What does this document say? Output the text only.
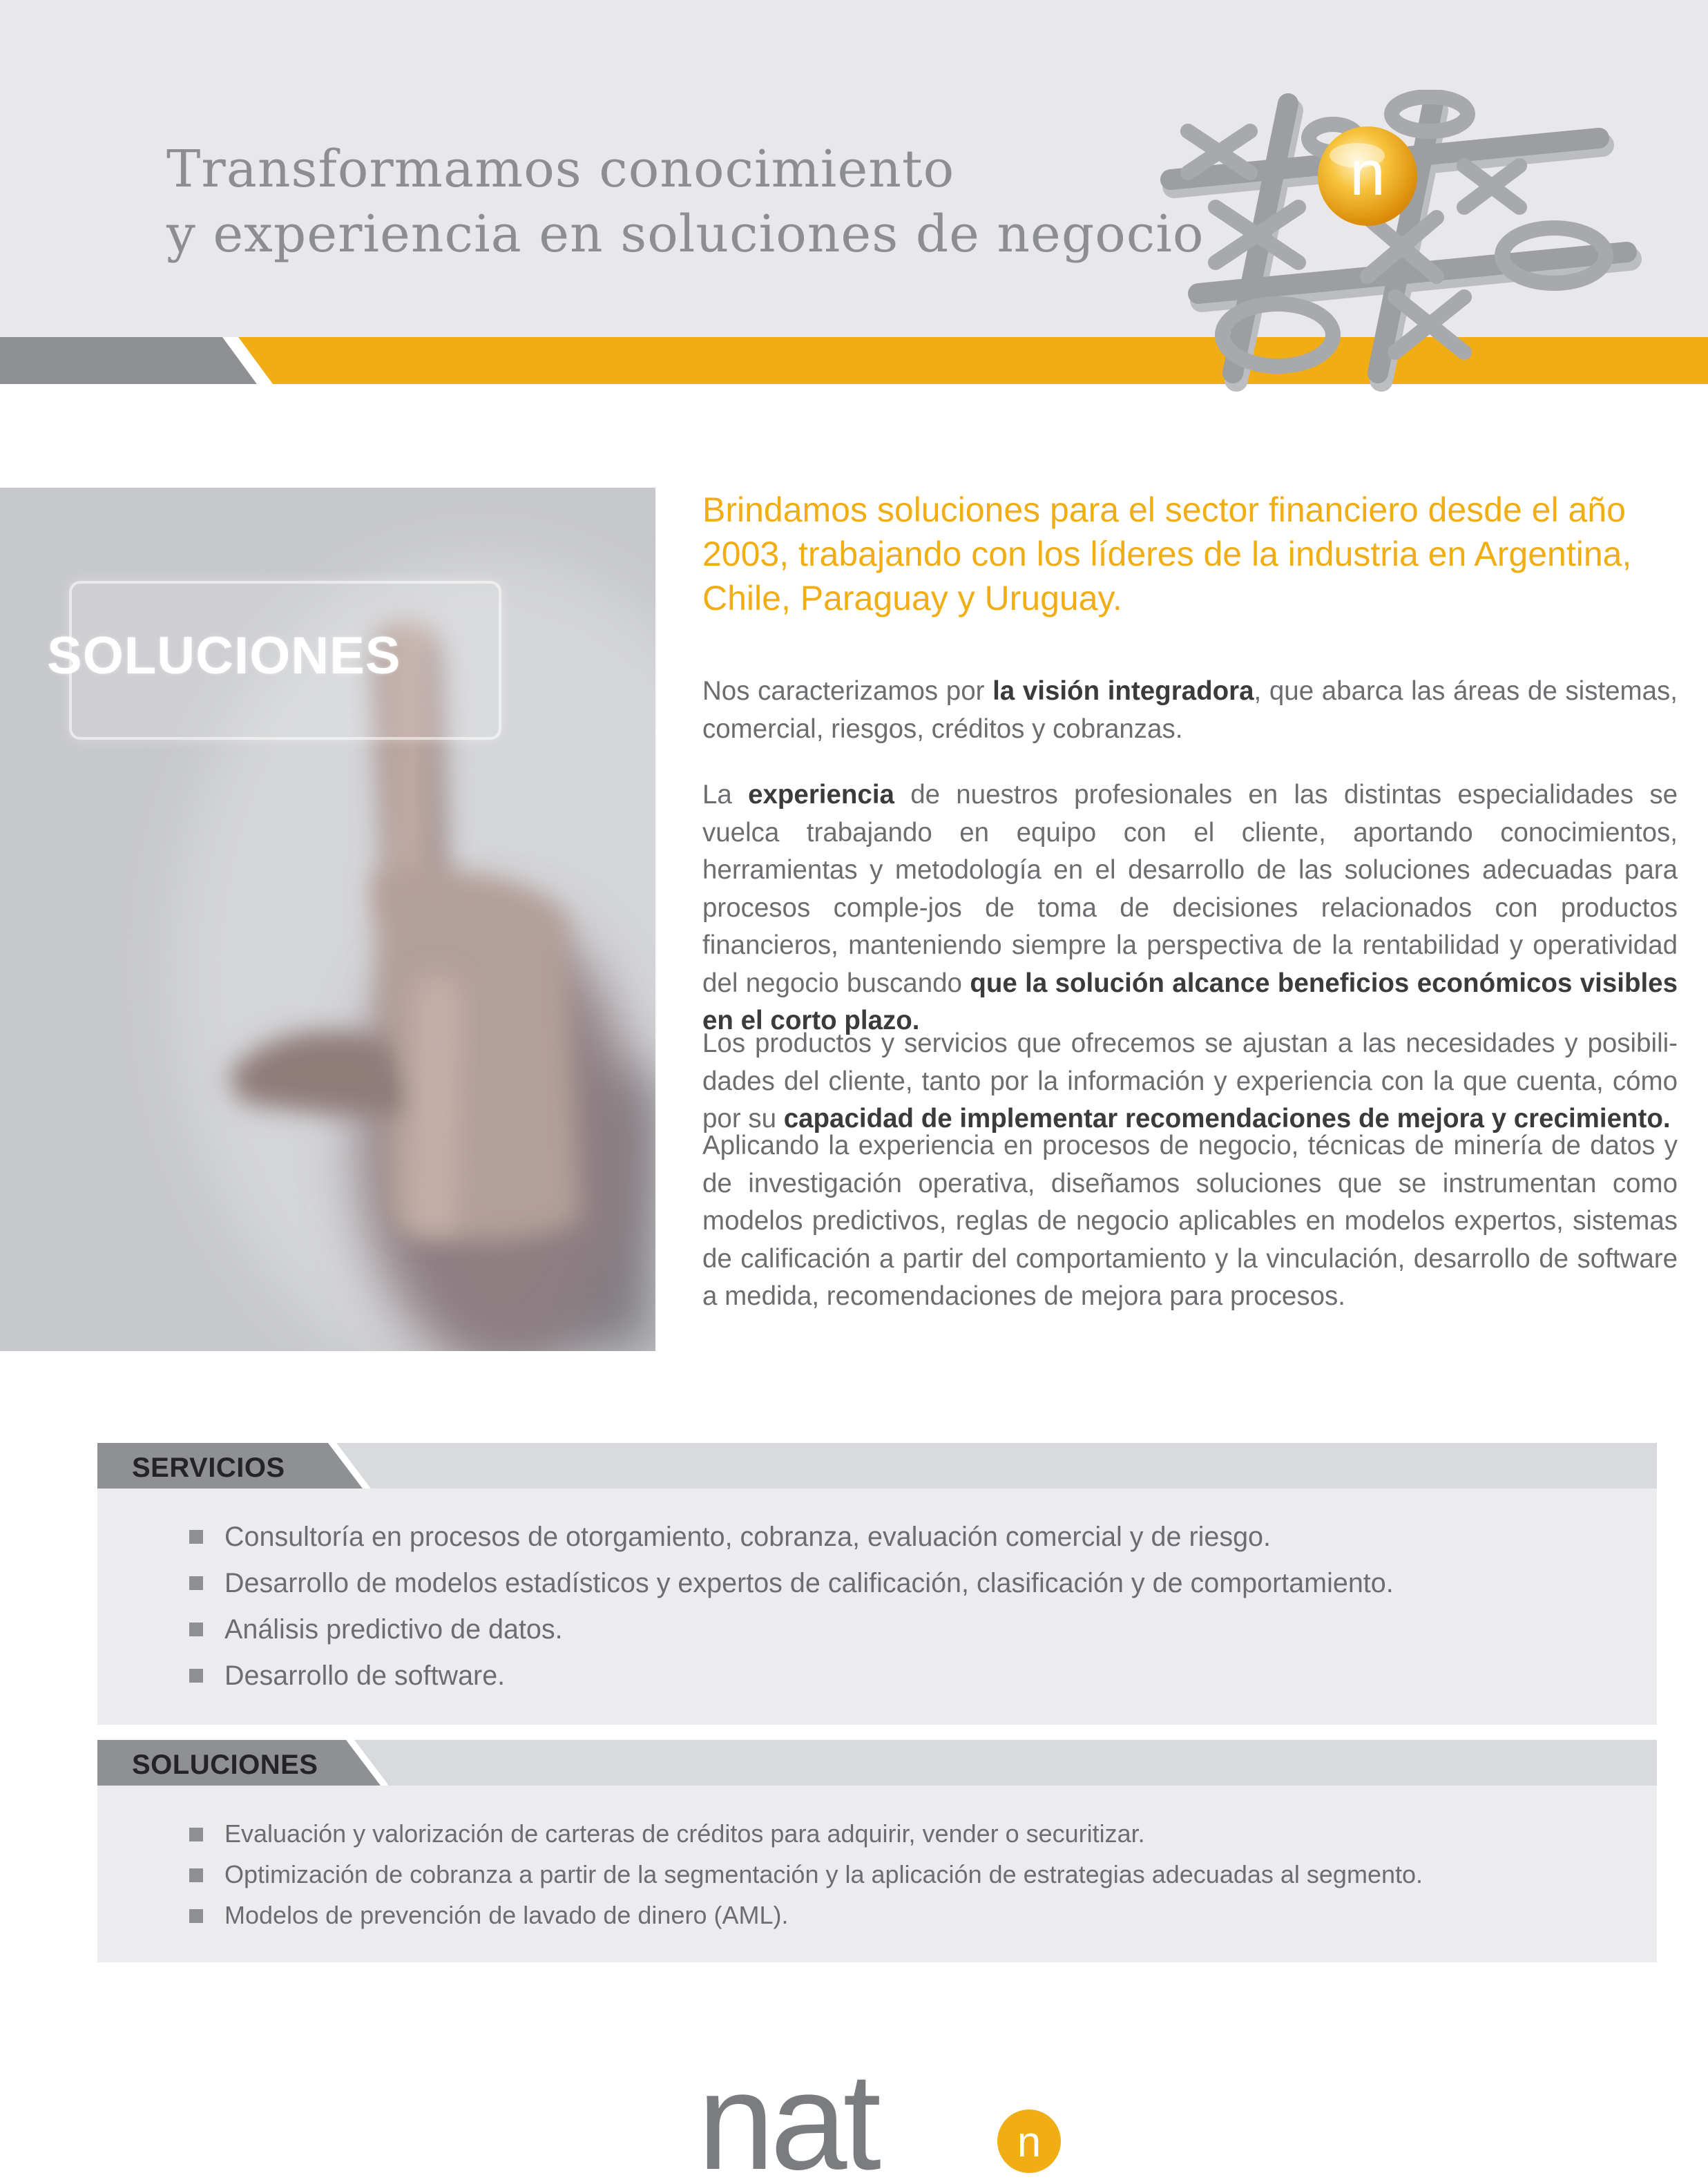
Transformamos conocimiento
y experiencia en soluciones de negocio
n
SOLUCIONES
Brindamos soluciones para el sector financiero desde el año 2003, trabajando con los líderes de la industria en Argentina, Chile, Paraguay y Uruguay.

Nos caracterizamos por la visión integradora, que abarca las áreas de sistemas, comercial, riesgos, créditos y cobranzas.

La experiencia de nuestros profesionales en las distintas especialidades se vuelca trabajando en equipo con el cliente, aportando conocimientos, herramientas y metodología en el desarrollo de las soluciones adecuadas para procesos comple-jos de toma de decisiones relacionados con productos financieros, manteniendo siempre la perspectiva de la rentabilidad y operatividad del negocio buscando que la solución alcance beneficios económicos visibles en el corto plazo.

Los productos y servicios que ofrecemos se ajustan a las necesidades y posibili-dades del cliente, tanto por la información y experiencia con la que cuenta, cómo por su capacidad de implementar recomendaciones de mejora y crecimiento.

Aplicando la experiencia en procesos de negocio, técnicas de minería de datos y de investigación operativa, diseñamos soluciones que se instrumentan como modelos predictivos, reglas de negocio aplicables en modelos expertos, sistemas de calificación a partir del comportamiento y la vinculación, desarrollo de software a medida, recomendaciones de mejora para procesos.

SERVICIOS
Consultoría en procesos de otorgamiento, cobranza, evaluación comercial y de riesgo.
Desarrollo de modelos estadísticos y expertos de calificación, clasificación y de comportamiento.
Análisis predictivo de datos.
Desarrollo de software.
SOLUCIONES
Evaluación y valorización de carteras de créditos para adquirir, vender o securitizar.
Optimización de cobranza a partir de la segmentación y la aplicación de estrategias adecuadas al segmento.
Modelos de prevención de lavado de dinero (AML).
nat	n
